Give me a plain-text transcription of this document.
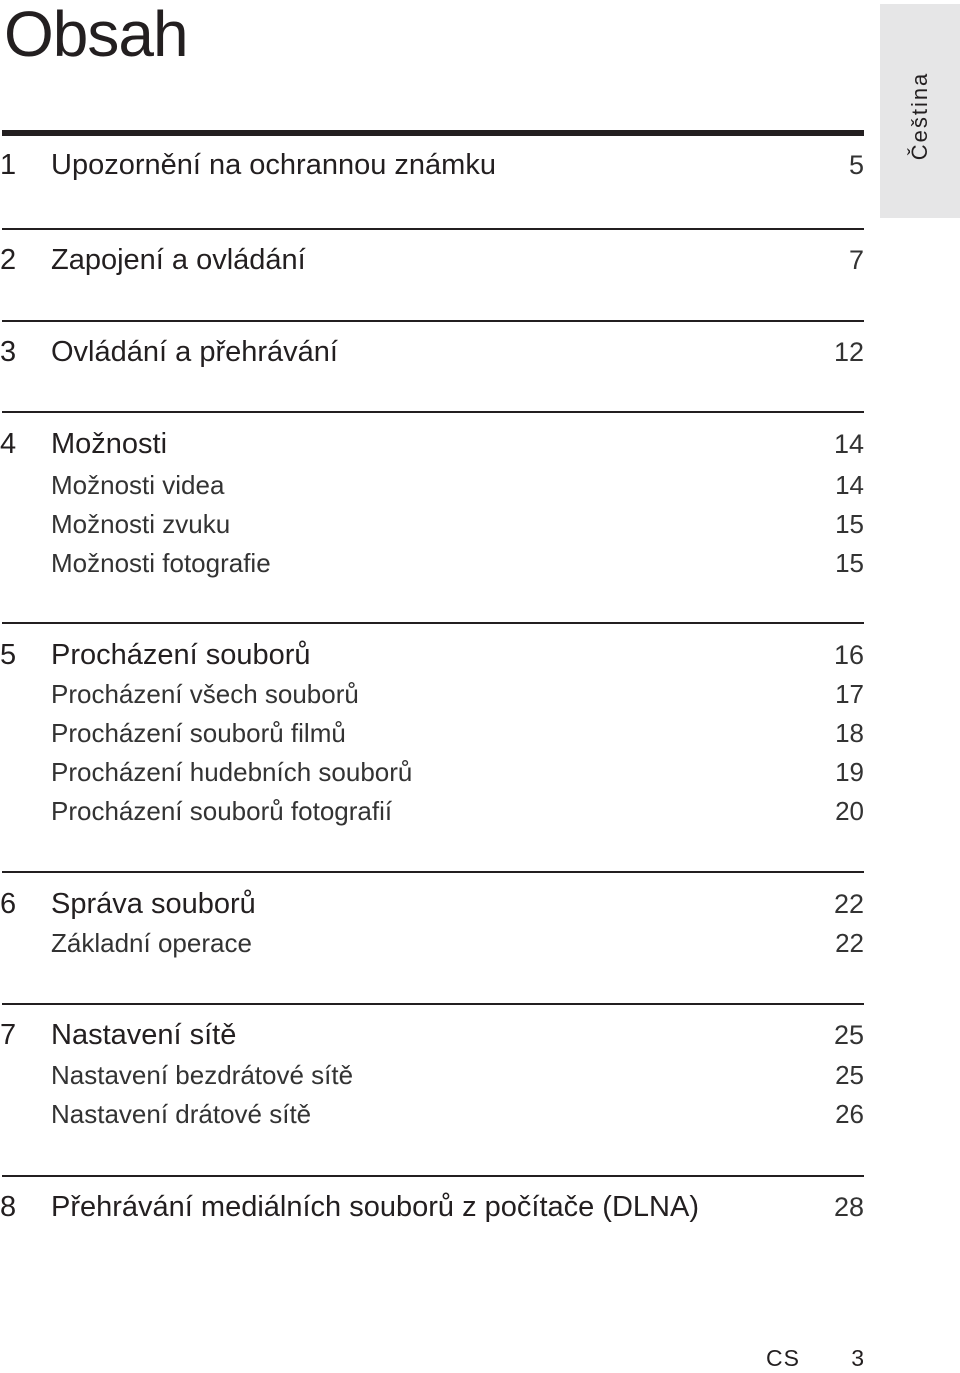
Obsah
Čeština
1 Upozornění na ochrannou známku	5
2 Zapojení a ovládání	7
3 Ovládání a přehrávání	12
4 Možnosti	14
Možnosti videa	14
Možnosti zvuku	15
Možnosti fotografie	15
5 Procházení souborů	16
Procházení všech souborů	17
Procházení souborů filmů	18
Procházení hudebních souborů	19
Procházení souborů fotografií	20
6 Správa souborů	22
Základní operace	22
7 Nastavení sítě	25
Nastavení bezdrátové sítě	25
Nastavení drátové sítě	26
8 Přehrávání mediálních souborů z počítače (DLNA)	28
CS 3
